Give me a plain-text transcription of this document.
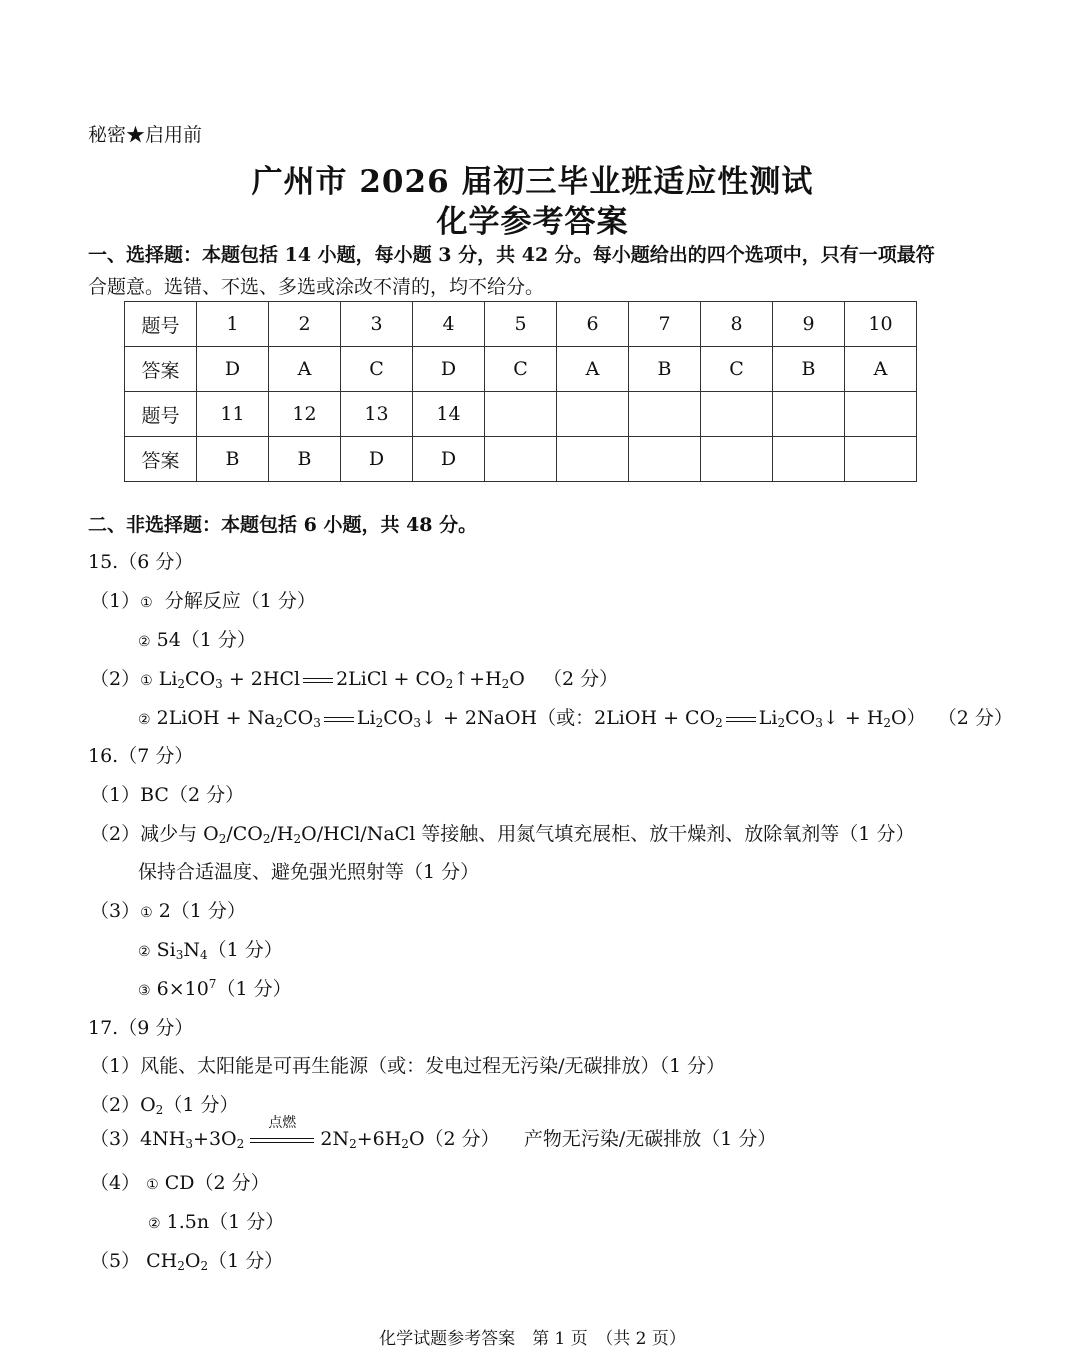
秘密★启用前
广州市 2026 届初三毕业班适应性测试
化学参考答案
一、选择题：本题包括 14 小题，每小题 3 分，共 42 分。每小题给出的四个选项中，只有一项最符
合题意。选错、不选、多选或涂改不清的，均不给分。
题号	1	2	3	4	5	6	7	8	9	10
答案	D	A	C	D	C	A	B	C	B	A
题号	11	12	13	14						
答案	B	B	D	D						
二、非选择题：本题包括 6 小题，共 48 分。
15.（6 分）
（1）① 分解反应（1 分）
② 54（1 分）
（2）① $Li_2CO_3 + 2HCl$ 2LiCl + $CO_2↑+H_2O$   （2 分）
② 2LiOH + $Na_2CO_3$ $Li_2CO_3↓$ + 2NaOH（或：2LiOH + $CO_2$ $Li_2CO_3↓ + H_2O$）  （2 分）
16.（7 分）
（1）BC（2 分）
（2）减少与 $O_2/CO_2/H_2O/HCl$/NaCl 等接触、用氮气填充展柜、放干燥剂、放除氧剂等（1 分）
保持合适温度、避免强光照射等（1 分）
（3）① 2（1 分）
② $Si_3N_4(1$ 分）
③ $6\times 10^7(1$ 分）
17.（9 分）
（1）风能、太阳能是可再生能源（或：发电过程无污染/无碳排放）（1 分）
$(2)O_2(1$ 分）
$(3)4NH_3+3O_2$
点燃
$2N_2+6H_2O(2$ 分） 产物无污染/无碳排放（1 分）
（4） ① CD（2 分）
② 1.5n（1 分）
（5） $CH_2O_2(1$ 分）
化学试题参考答案　第 1 页　（共 2 页）
